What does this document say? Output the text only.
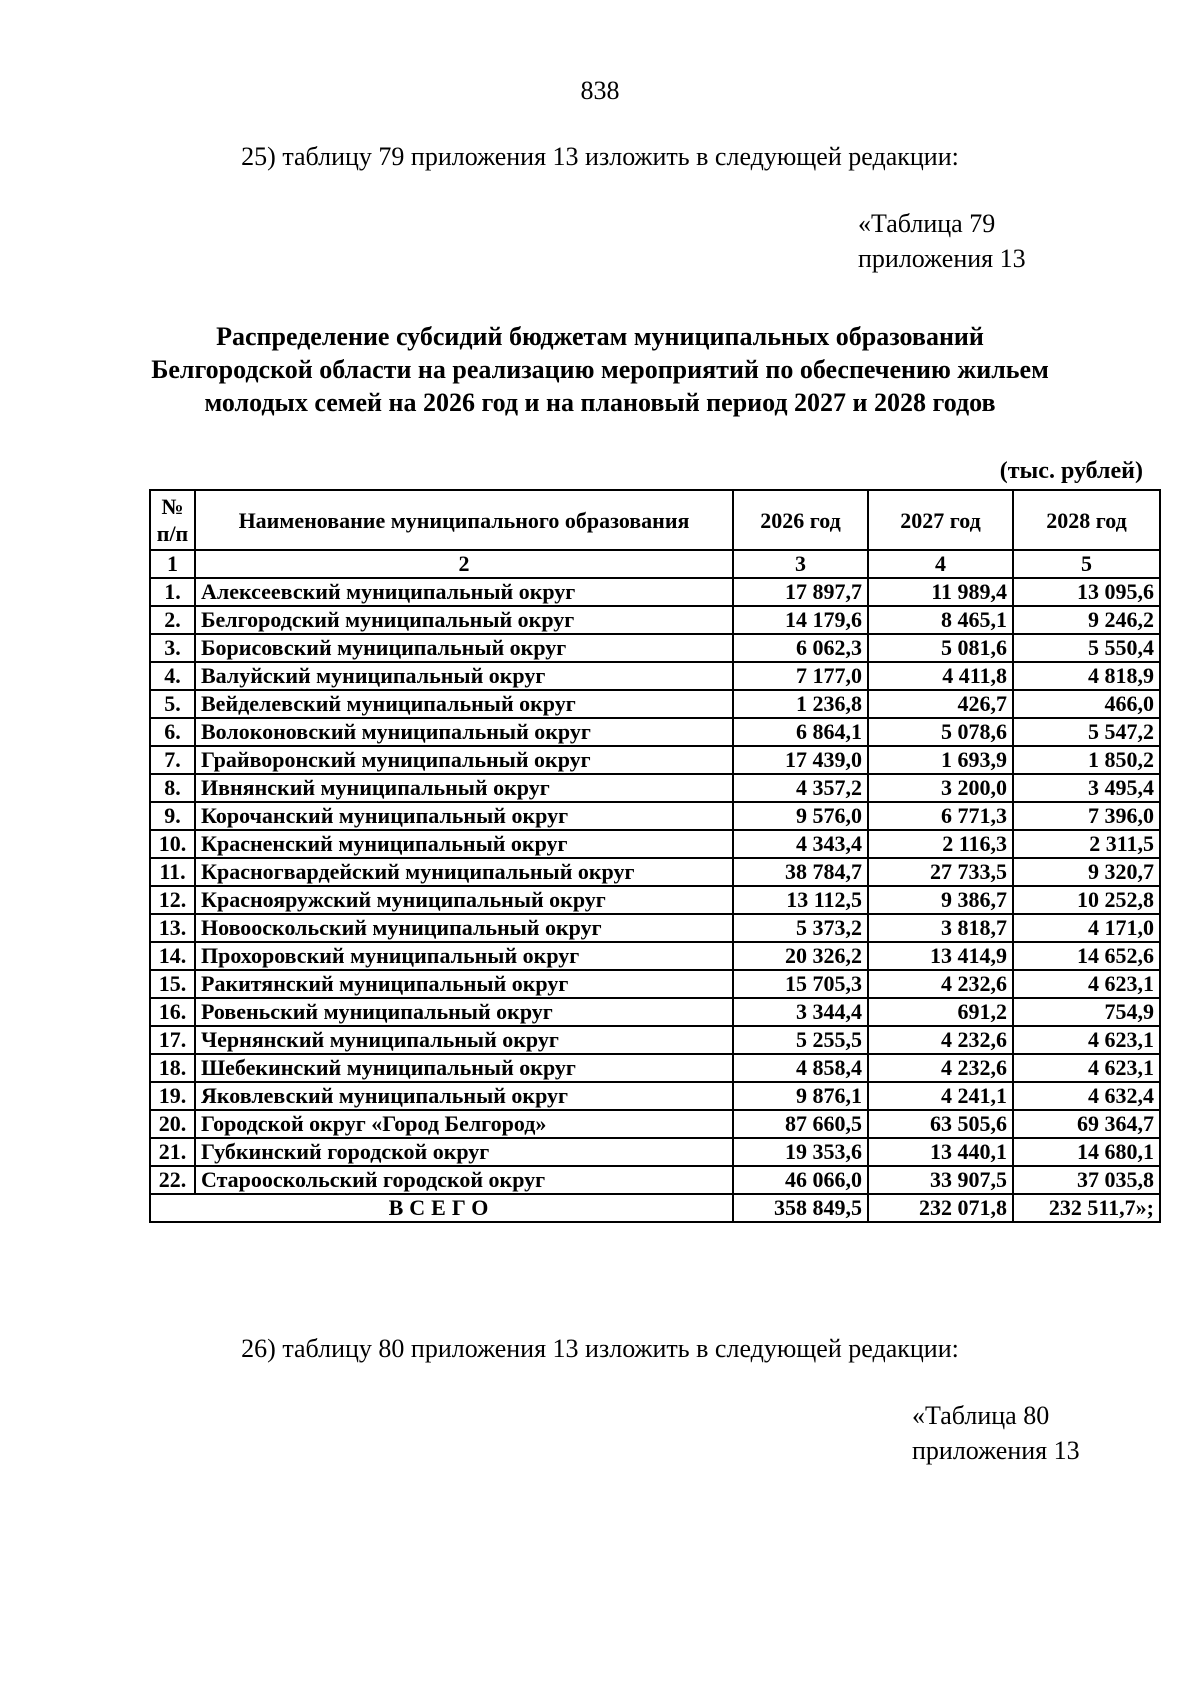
838
25) таблицу 79 приложения 13 изложить в следующей редакции:
«Таблица 79
приложения 13
Распределение субсидий бюджетам муниципальных образований
Белгородской области на реализацию мероприятий по обеспечению жильем
молодых семей на 2026 год и на плановый период 2027 и 2028 годов
(тыс. рублей)
№ п/п	Наименование муниципального образования	2026 год	2027 год	2028 год
1	2	3	4	5
1.	Алексеевский муниципальный округ	17 897,7	11 989,4	13 095,6
2.	Белгородский муниципальный округ	14 179,6	8 465,1	9 246,2
3.	Борисовский муниципальный округ	6 062,3	5 081,6	5 550,4
4.	Валуйский муниципальный округ	7 177,0	4 411,8	4 818,9
5.	Вейделевский муниципальный округ	1 236,8	426,7	466,0
6.	Волоконовский муниципальный округ	6 864,1	5 078,6	5 547,2
7.	Грайворонский муниципальный округ	17 439,0	1 693,9	1 850,2
8.	Ивнянский муниципальный округ	4 357,2	3 200,0	3 495,4
9.	Корочанский муниципальный округ	9 576,0	6 771,3	7 396,0
10.	Красненский муниципальный округ	4 343,4	2 116,3	2 311,5
11.	Красногвардейский муниципальный округ	38 784,7	27 733,5	9 320,7
12.	Краснояружский муниципальный округ	13 112,5	9 386,7	10 252,8
13.	Новооскольский муниципальный округ	5 373,2	3 818,7	4 171,0
14.	Прохоровский муниципальный округ	20 326,2	13 414,9	14 652,6
15.	Ракитянский муниципальный округ	15 705,3	4 232,6	4 623,1
16.	Ровеньский муниципальный округ	3 344,4	691,2	754,9
17.	Чернянский муниципальный округ	5 255,5	4 232,6	4 623,1
18.	Шебекинский муниципальный округ	4 858,4	4 232,6	4 623,1
19.	Яковлевский муниципальный округ	9 876,1	4 241,1	4 632,4
20.	Городской округ «Город Белгород»	87 660,5	63 505,6	69 364,7
21.	Губкинский городской округ	19 353,6	13 440,1	14 680,1
22.	Старооскольский городской округ	46 066,0	33 907,5	37 035,8
ВСЕГО		358 849,5	232 071,8	232 511,7»;
26) таблицу 80 приложения 13 изложить в следующей редакции:
«Таблица 80
приложения 13
